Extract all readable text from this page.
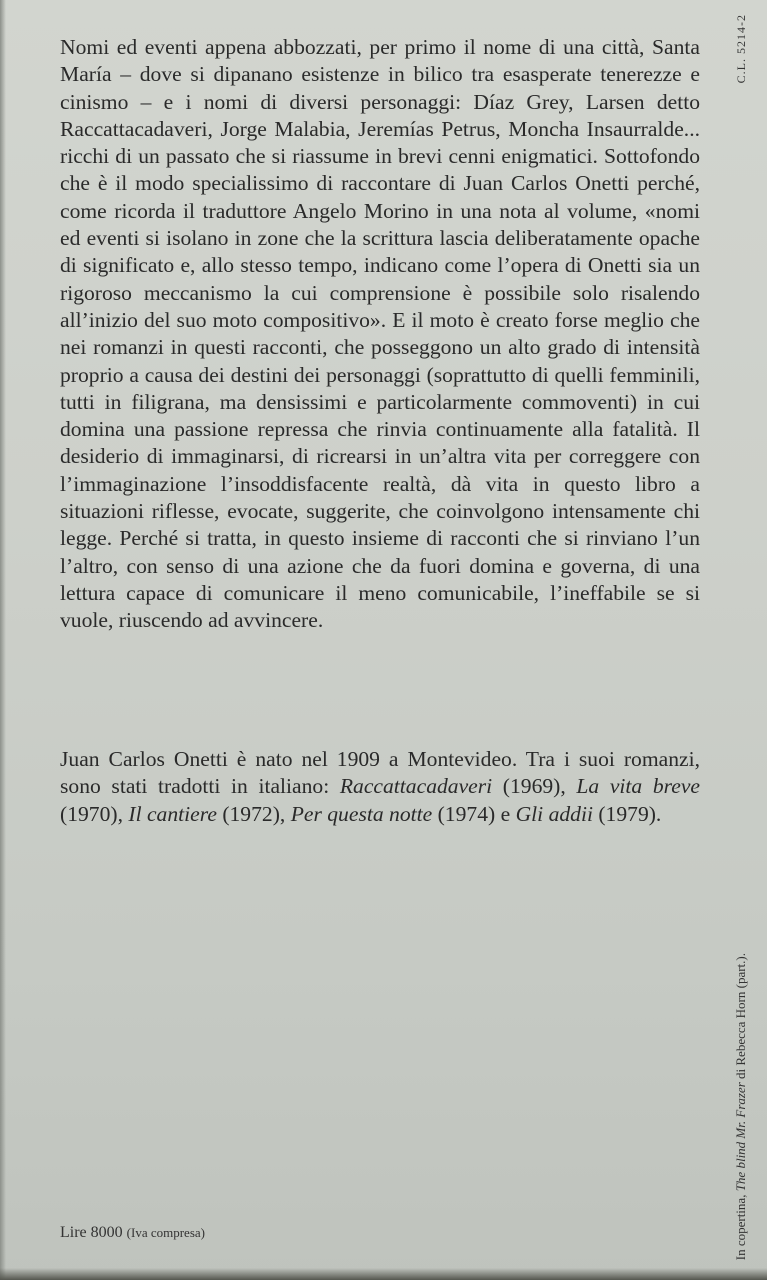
Nomi ed eventi appena abbozzati, per primo il nome di una città, Santa María – dove si dipanano esistenze in bilico tra esasperate tenerezze e cinismo – e i nomi di diversi personaggi: Díaz Grey, Larsen detto Raccattacadaveri, Jorge Malabia, Jeremías Petrus, Moncha Insaurralde... ricchi di un passato che si riassume in brevi cenni enigmatici. Sottofondo che è il modo specialissimo di raccontare di Juan Carlos Onetti perché, come ricorda il traduttore Angelo Morino in una nota al volume, «nomi ed eventi si isolano in zone che la scrittura lascia deliberatamente opache di significato e, allo stesso tempo, indicano come l’opera di Onetti sia un rigoroso meccanismo la cui comprensione è possibile solo risalendo all’inizio del suo moto compositivo». E il moto è creato forse meglio che nei romanzi in questi racconti, che posseggono un alto grado di intensità proprio a causa dei destini dei personaggi (soprattutto di quelli femminili, tutti in filigrana, ma densissimi e particolarmente commoventi) in cui domina una passione repressa che rinvia continuamente alla fatalità. Il desiderio di immaginarsi, di ricrearsi in un’altra vita per correggere con l’immaginazione l’insoddisfacente realtà, dà vita in questo libro a situazioni riflesse, evocate, suggerite, che coinvolgono intensamente chi legge. Perché si tratta, in questo insieme di racconti che si rinviano l’un l’altro, con senso di una azione che da fuori domina e governa, di una lettura capace di comunicare il meno comunicabile, l’ineffabile se si vuole, riuscendo ad avvincere.

Juan Carlos Onetti è nato nel 1909 a Montevideo. Tra i suoi romanzi, sono stati tradotti in italiano: Raccattacadaveri (1969), La vita breve (1970), Il cantiere (1972), Per questa notte (1974) e Gli addii (1979).

Lire 8000 (Iva compresa)
C.L. 5214-2
In copertina, The blind Mr. Frazer di Rebecca Horn (part.).
